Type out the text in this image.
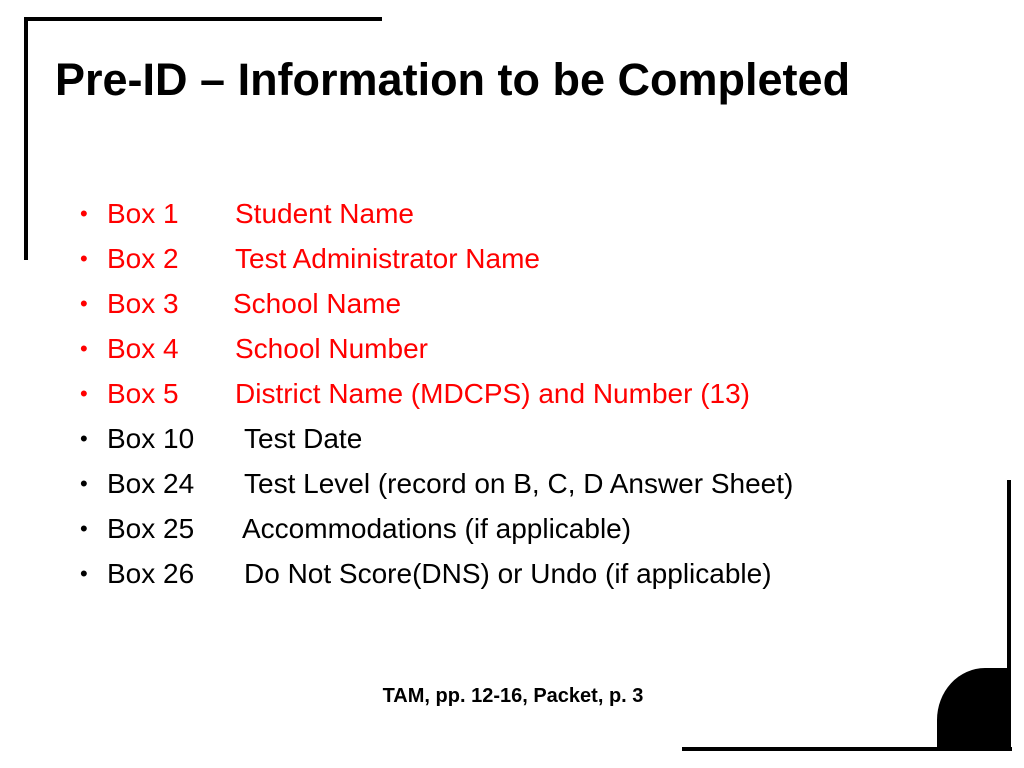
Pre-ID – Information to be Completed
• Box 1 Student Name
• Box 2 Test Administrator Name
• Box 3 School Name
• Box 4 School Number
• Box 5 District Name (MDCPS) and Number (13)
• Box 10 Test Date
• Box 24 Test Level (record on B, C, D Answer Sheet)
• Box 25 Accommodations (if applicable)
• Box 26 Do Not Score(DNS) or Undo (if applicable)
TAM, pp. 12-16, Packet, p. 3
